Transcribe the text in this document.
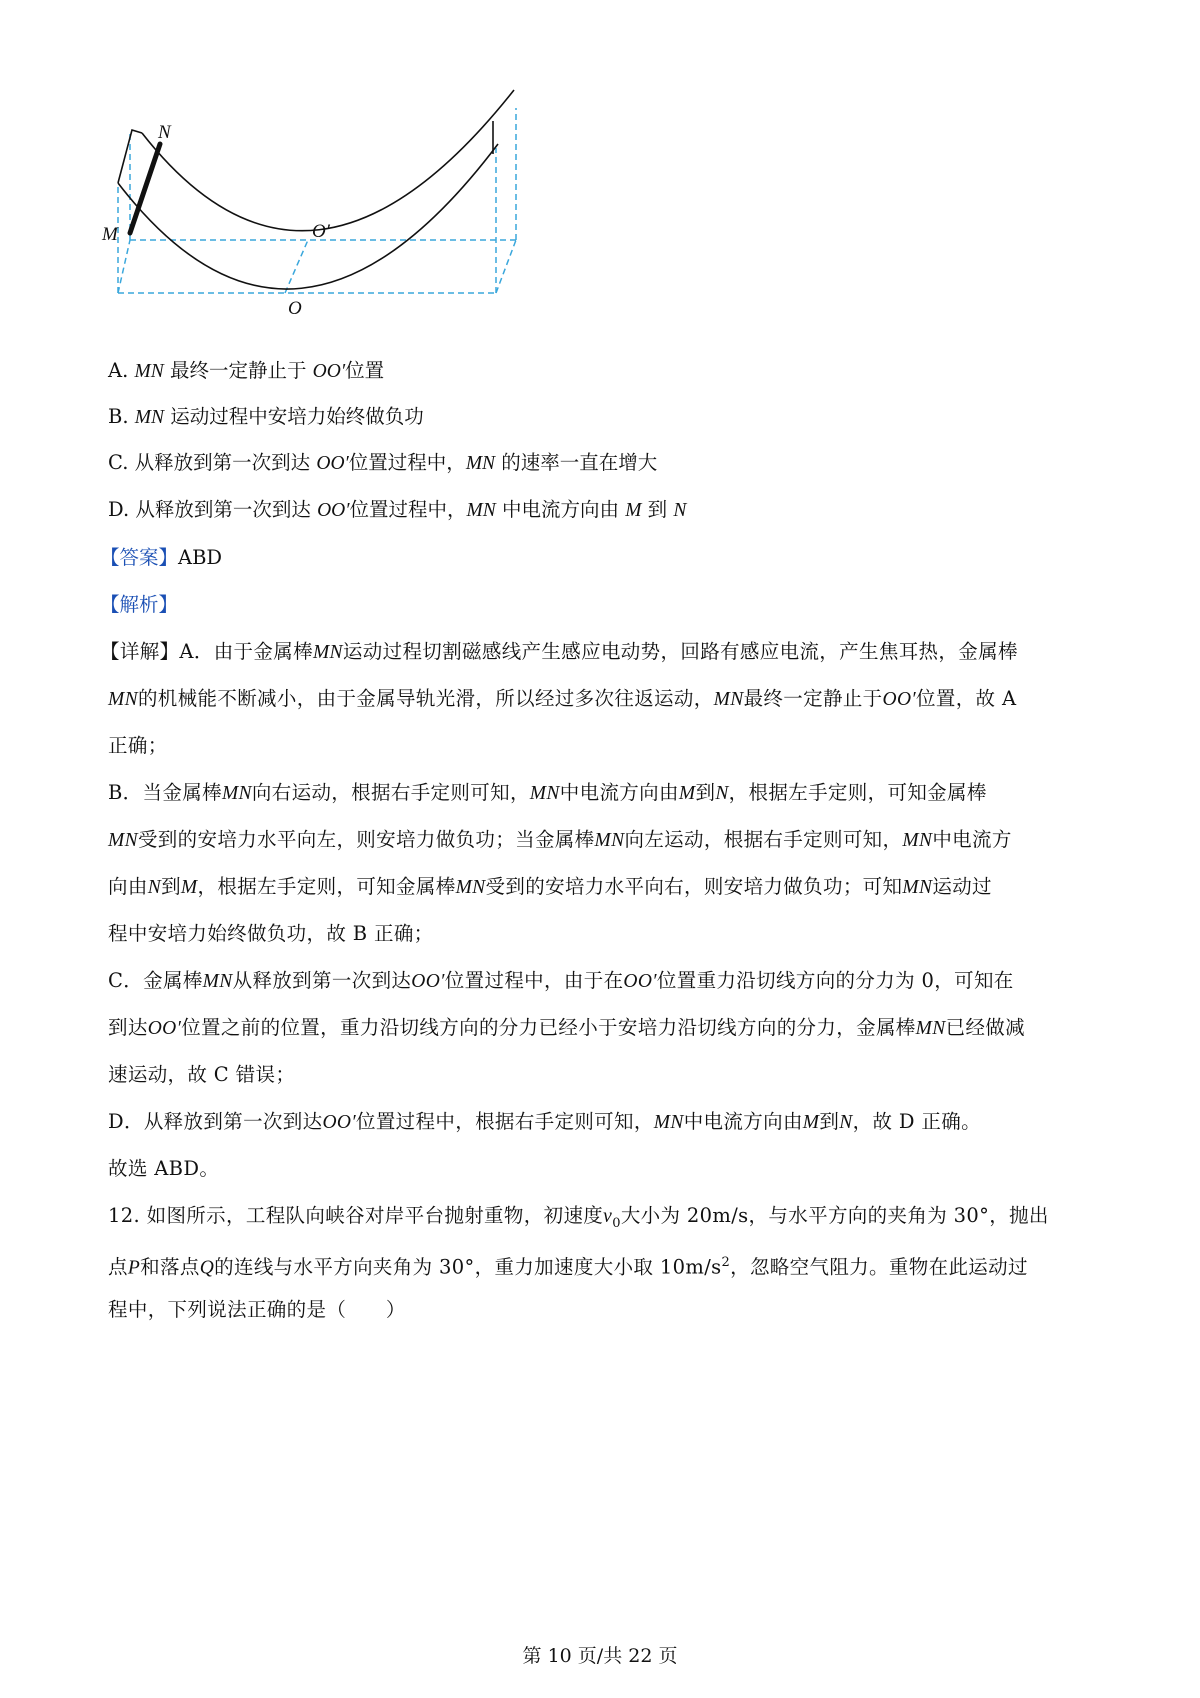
N
M	O′
O
A. MN 最终一定静止于 OO′位置
B. MN 运动过程中安培力始终做负功
C. 从释放到第一次到达 OO′位置过程中，MN 的速率一直在增大
D. 从释放到第一次到达 OO′位置过程中，MN 中电流方向由 M 到 N
【答案】ABD
【解析】
【详解】A．由于金属棒MN运动过程切割磁感线产生感应电动势，回路有感应电流，产生焦耳热，金属棒
MN的机械能不断减小，由于金属导轨光滑，所以经过多次往返运动，MN最终一定静止于OO′位置，故 A
正确；
B．当金属棒MN向右运动，根据右手定则可知，MN中电流方向由M到N，根据左手定则，可知金属棒
MN受到的安培力水平向左，则安培力做负功；当金属棒MN向左运动，根据右手定则可知，MN中电流方
向由N到M，根据左手定则，可知金属棒MN受到的安培力水平向右，则安培力做负功；可知MN运动过
程中安培力始终做负功，故 B 正确；
C．金属棒MN从释放到第一次到达OO′位置过程中，由于在OO′位置重力沿切线方向的分力为 0，可知在
到达OO′位置之前的位置，重力沿切线方向的分力已经小于安培力沿切线方向的分力，金属棒MN已经做减
速运动，故 C 错误；
D．从释放到第一次到达OO′位置过程中，根据右手定则可知，MN中电流方向由M到N，故 D 正确。
故选 ABD。
12. 如图所示，工程队向峡谷对岸平台抛射重物，初速度$v_0$大小为 20m/s，与水平方向的夹角为 30°，抛出
点P和落点Q的连线与水平方向夹角为 30°，重力加速度大小取 $10m/s^2$，忽略空气阻力。重物在此运动过
程中，下列说法正确的是（　　）
第 10 页/共 22 页
